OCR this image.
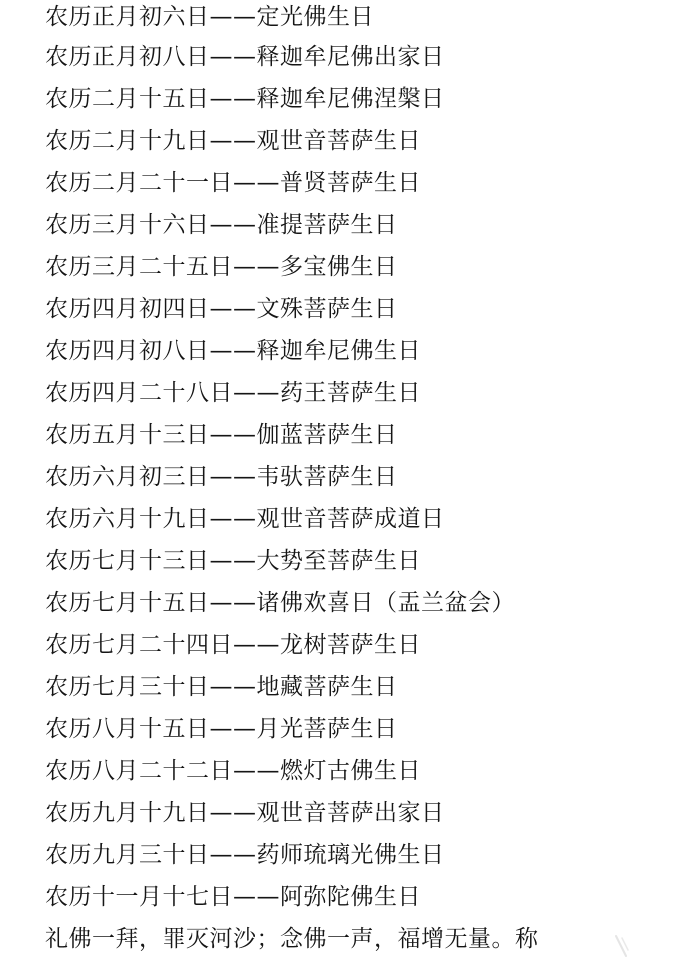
农历正月初六日——定光佛生日
农历正月初八日——释迦牟尼佛出家日
农历二月十五日——释迦牟尼佛涅槃日
农历二月十九日——观世音菩萨生日
农历二月二十一日——普贤菩萨生日
农历三月十六日——准提菩萨生日
农历三月二十五日——多宝佛生日
农历四月初四日——文殊菩萨生日
农历四月初八日——释迦牟尼佛生日
农历四月二十八日——药王菩萨生日
农历五月十三日——伽蓝菩萨生日
农历六月初三日——韦驮菩萨生日
农历六月十九日——观世音菩萨成道日
农历七月十三日——大势至菩萨生日
农历七月十五日——诸佛欢喜日（盂兰盆会）
农历七月二十四日——龙树菩萨生日
农历七月三十日——地藏菩萨生日
农历八月十五日——月光菩萨生日
农历八月二十二日——燃灯古佛生日
农历九月十九日——观世音菩萨出家日
农历九月三十日——药师琉璃光佛生日
农历十一月十七日——阿弥陀佛生日
礼佛一拜，罪灭河沙；念佛一声，福增无量。称
